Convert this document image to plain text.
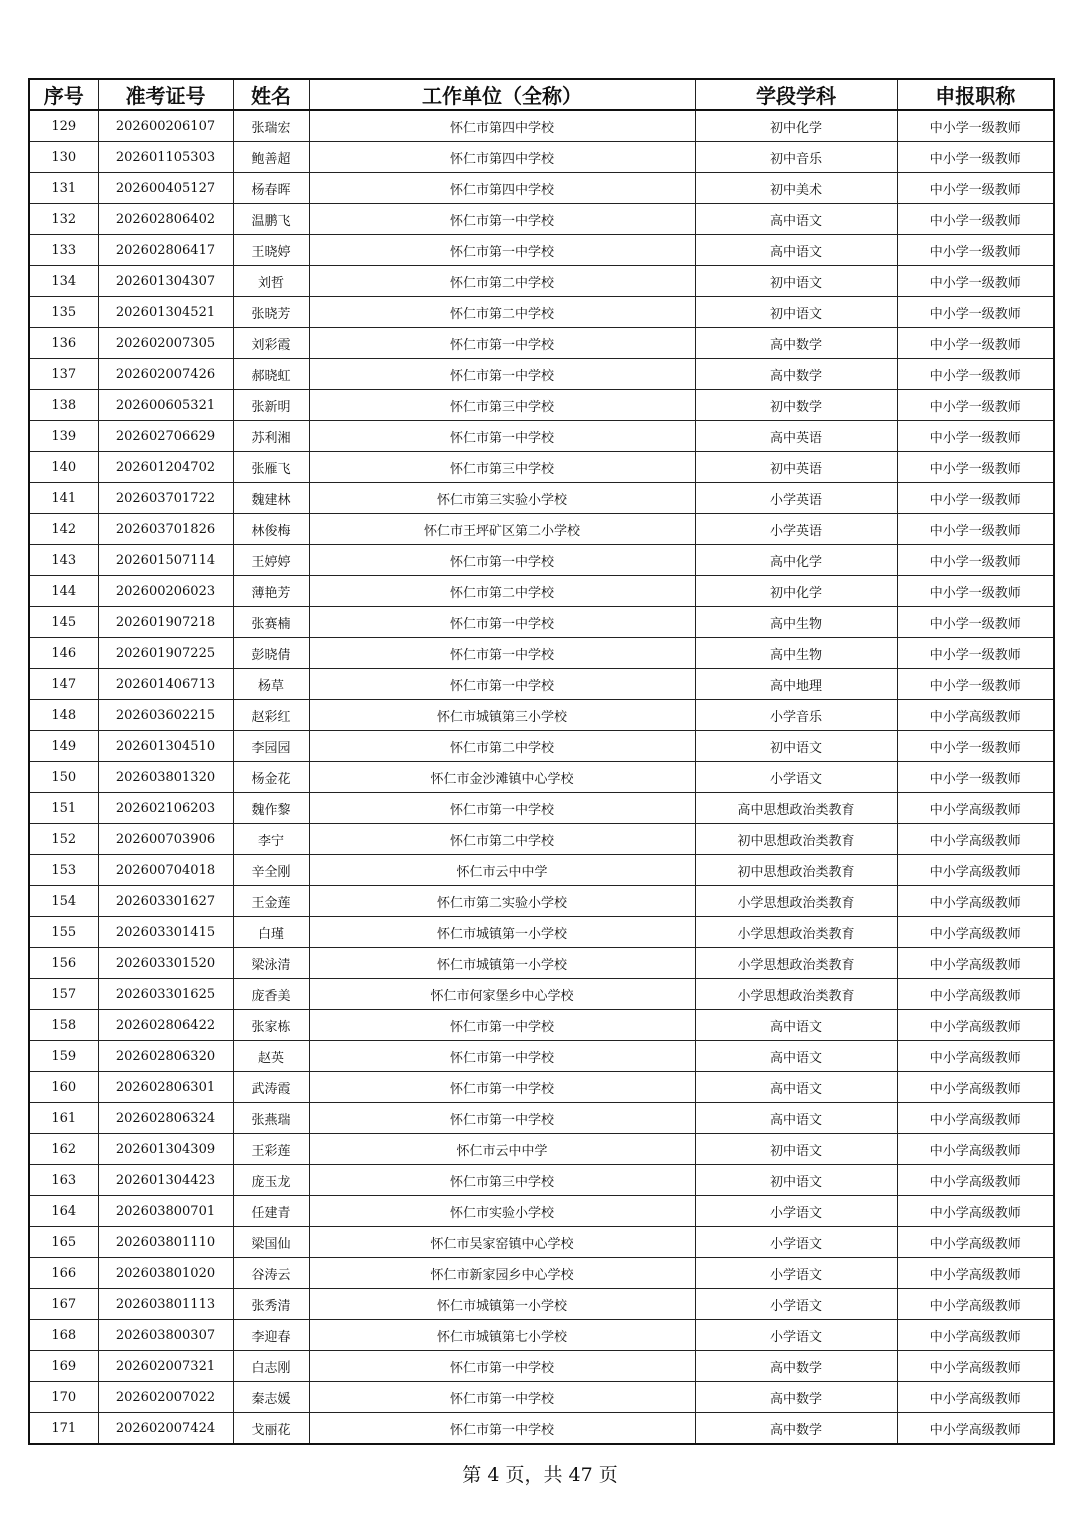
序号	准考证号	姓名	工作单位（全称）	学段学科	申报职称
129	202600206107	张瑞宏	怀仁市第四中学校	初中化学	中小学一级教师
130	202601105303	鲍善超	怀仁市第四中学校	初中音乐	中小学一级教师
131	202600405127	杨春晖	怀仁市第四中学校	初中美术	中小学一级教师
132	202602806402	温鹏飞	怀仁市第一中学校	高中语文	中小学一级教师
133	202602806417	王晓婷	怀仁市第一中学校	高中语文	中小学一级教师
134	202601304307	刘哲	怀仁市第二中学校	初中语文	中小学一级教师
135	202601304521	张晓芳	怀仁市第二中学校	初中语文	中小学一级教师
136	202602007305	刘彩霞	怀仁市第一中学校	高中数学	中小学一级教师
137	202602007426	郝晓虹	怀仁市第一中学校	高中数学	中小学一级教师
138	202600605321	张新明	怀仁市第三中学校	初中数学	中小学一级教师
139	202602706629	苏利湘	怀仁市第一中学校	高中英语	中小学一级教师
140	202601204702	张雁飞	怀仁市第三中学校	初中英语	中小学一级教师
141	202603701722	魏建林	怀仁市第三实验小学校	小学英语	中小学一级教师
142	202603701826	林俊梅	怀仁市王坪矿区第二小学校	小学英语	中小学一级教师
143	202601507114	王婷婷	怀仁市第一中学校	高中化学	中小学一级教师
144	202600206023	薄艳芳	怀仁市第二中学校	初中化学	中小学一级教师
145	202601907218	张赛楠	怀仁市第一中学校	高中生物	中小学一级教师
146	202601907225	彭晓倩	怀仁市第一中学校	高中生物	中小学一级教师
147	202601406713	杨草	怀仁市第一中学校	高中地理	中小学一级教师
148	202603602215	赵彩红	怀仁市城镇第三小学校	小学音乐	中小学高级教师
149	202601304510	李园园	怀仁市第二中学校	初中语文	中小学一级教师
150	202603801320	杨金花	怀仁市金沙滩镇中心学校	小学语文	中小学一级教师
151	202602106203	魏作黎	怀仁市第一中学校	高中思想政治类教育	中小学高级教师
152	202600703906	李宁	怀仁市第二中学校	初中思想政治类教育	中小学高级教师
153	202600704018	辛全刚	怀仁市云中中学	初中思想政治类教育	中小学高级教师
154	202603301627	王金莲	怀仁市第二实验小学校	小学思想政治类教育	中小学高级教师
155	202603301415	白瑾	怀仁市城镇第一小学校	小学思想政治类教育	中小学高级教师
156	202603301520	梁泳清	怀仁市城镇第一小学校	小学思想政治类教育	中小学高级教师
157	202603301625	庞香美	怀仁市何家堡乡中心学校	小学思想政治类教育	中小学高级教师
158	202602806422	张家栋	怀仁市第一中学校	高中语文	中小学高级教师
159	202602806320	赵英	怀仁市第一中学校	高中语文	中小学高级教师
160	202602806301	武涛霞	怀仁市第一中学校	高中语文	中小学高级教师
161	202602806324	张燕瑞	怀仁市第一中学校	高中语文	中小学高级教师
162	202601304309	王彩莲	怀仁市云中中学	初中语文	中小学高级教师
163	202601304423	庞玉龙	怀仁市第三中学校	初中语文	中小学高级教师
164	202603800701	任建青	怀仁市实验小学校	小学语文	中小学高级教师
165	202603801110	梁国仙	怀仁市吴家窑镇中心学校	小学语文	中小学高级教师
166	202603801020	谷涛云	怀仁市新家园乡中心学校	小学语文	中小学高级教师
167	202603801113	张秀清	怀仁市城镇第一小学校	小学语文	中小学高级教师
168	202603800307	李迎春	怀仁市城镇第七小学校	小学语文	中小学高级教师
169	202602007321	白志刚	怀仁市第一中学校	高中数学	中小学高级教师
170	202602007022	秦志媛	怀仁市第一中学校	高中数学	中小学高级教师
171	202602007424	戈丽花	怀仁市第一中学校	高中数学	中小学高级教师
第 4 页，共 47 页
